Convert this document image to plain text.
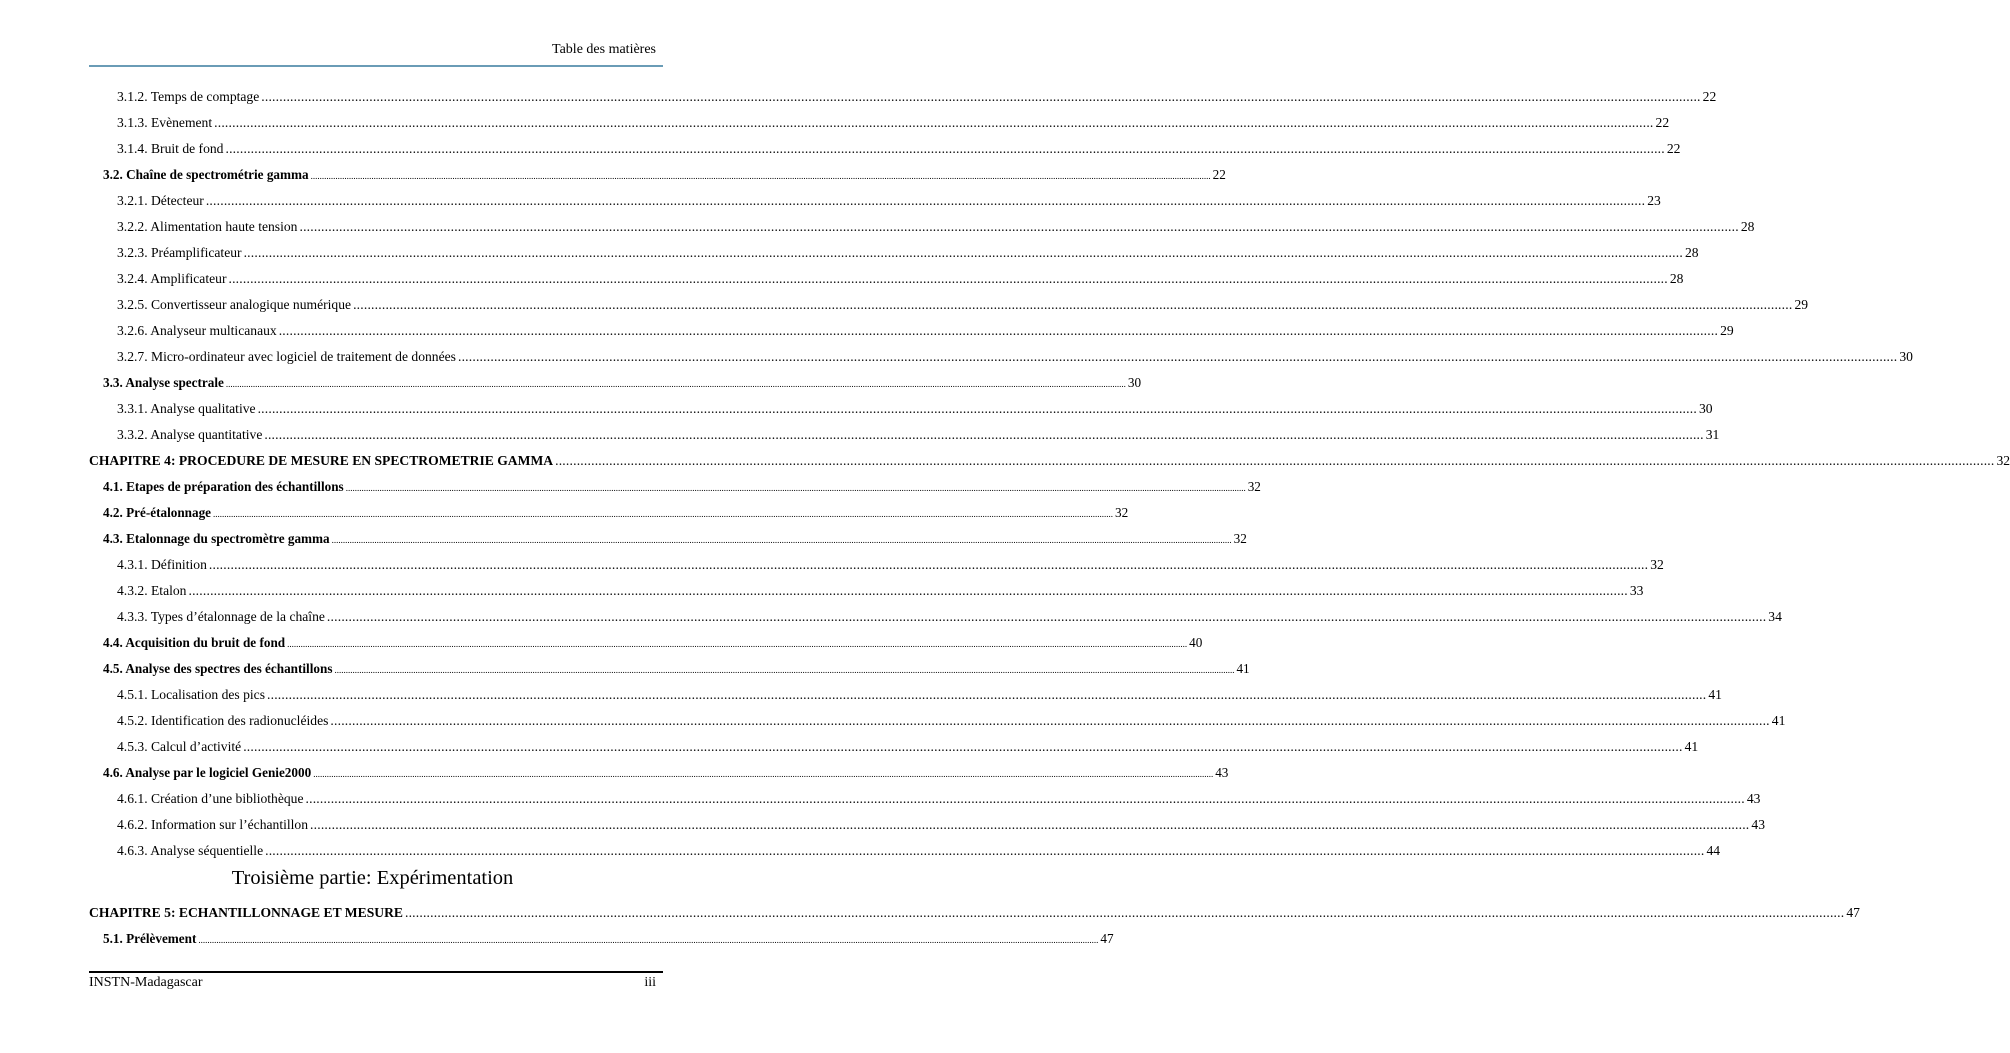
Table des matières
3.1.2. Temps de comptage ................................................................................................................................................................................................................................................................................................................................................................................................................ 22
3.1.3. Evènement ................................................................................................................................................................................................................................................................................................................................................................................................................ 22
3.1.4. Bruit de fond ................................................................................................................................................................................................................................................................................................................................................................................................................ 22
3.2. Chaîne de spectrométrie gamma ................................................................................................................................................................................................................................................................................................................................................................................................................ 22
3.2.1. Détecteur ................................................................................................................................................................................................................................................................................................................................................................................................................ 23
3.2.2. Alimentation haute tension ................................................................................................................................................................................................................................................................................................................................................................................................................ 28
3.2.3. Préamplificateur ................................................................................................................................................................................................................................................................................................................................................................................................................ 28
3.2.4. Amplificateur ................................................................................................................................................................................................................................................................................................................................................................................................................ 28
3.2.5. Convertisseur analogique numérique ................................................................................................................................................................................................................................................................................................................................................................................................................ 29
3.2.6. Analyseur multicanaux ................................................................................................................................................................................................................................................................................................................................................................................................................ 29
3.2.7. Micro-ordinateur avec logiciel de traitement de données ................................................................................................................................................................................................................................................................................................................................................................................................................ 30
3.3. Analyse spectrale ................................................................................................................................................................................................................................................................................................................................................................................................................ 30
3.3.1. Analyse qualitative ................................................................................................................................................................................................................................................................................................................................................................................................................ 30
3.3.2. Analyse quantitative ................................................................................................................................................................................................................................................................................................................................................................................................................ 31
CHAPITRE 4: PROCEDURE DE MESURE EN SPECTROMETRIE GAMMA ................................................................................................................................................................................................................................................................................................................................................................................................................ 32
4.1. Etapes de préparation des échantillons ................................................................................................................................................................................................................................................................................................................................................................................................................ 32
4.2. Pré-étalonnage ................................................................................................................................................................................................................................................................................................................................................................................................................ 32
4.3. Etalonnage du spectromètre gamma ................................................................................................................................................................................................................................................................................................................................................................................................................ 32
4.3.1. Définition ................................................................................................................................................................................................................................................................................................................................................................................................................ 32
4.3.2. Etalon ................................................................................................................................................................................................................................................................................................................................................................................................................ 33
4.3.3. Types d’étalonnage de la chaîne ................................................................................................................................................................................................................................................................................................................................................................................................................ 34
4.4. Acquisition du bruit de fond ................................................................................................................................................................................................................................................................................................................................................................................................................ 40
4.5. Analyse des spectres des échantillons ................................................................................................................................................................................................................................................................................................................................................................................................................ 41
4.5.1. Localisation des pics ................................................................................................................................................................................................................................................................................................................................................................................................................ 41
4.5.2. Identification des radionucléides ................................................................................................................................................................................................................................................................................................................................................................................................................ 41
4.5.3. Calcul d’activité ................................................................................................................................................................................................................................................................................................................................................................................................................ 41
4.6. Analyse par le logiciel Genie2000 ................................................................................................................................................................................................................................................................................................................................................................................................................ 43
4.6.1. Création d’une bibliothèque ................................................................................................................................................................................................................................................................................................................................................................................................................ 43
4.6.2. Information sur l’échantillon ................................................................................................................................................................................................................................................................................................................................................................................................................ 43
4.6.3. Analyse séquentielle ................................................................................................................................................................................................................................................................................................................................................................................................................ 44
CHAPITRE 5: ECHANTILLONNAGE ET MESURE ................................................................................................................................................................................................................................................................................................................................................................................................................ 47
5.1. Prélèvement ................................................................................................................................................................................................................................................................................................................................................................................................................ 47
Troisième partie: Expérimentation
INSTN-Madagascar	iii
